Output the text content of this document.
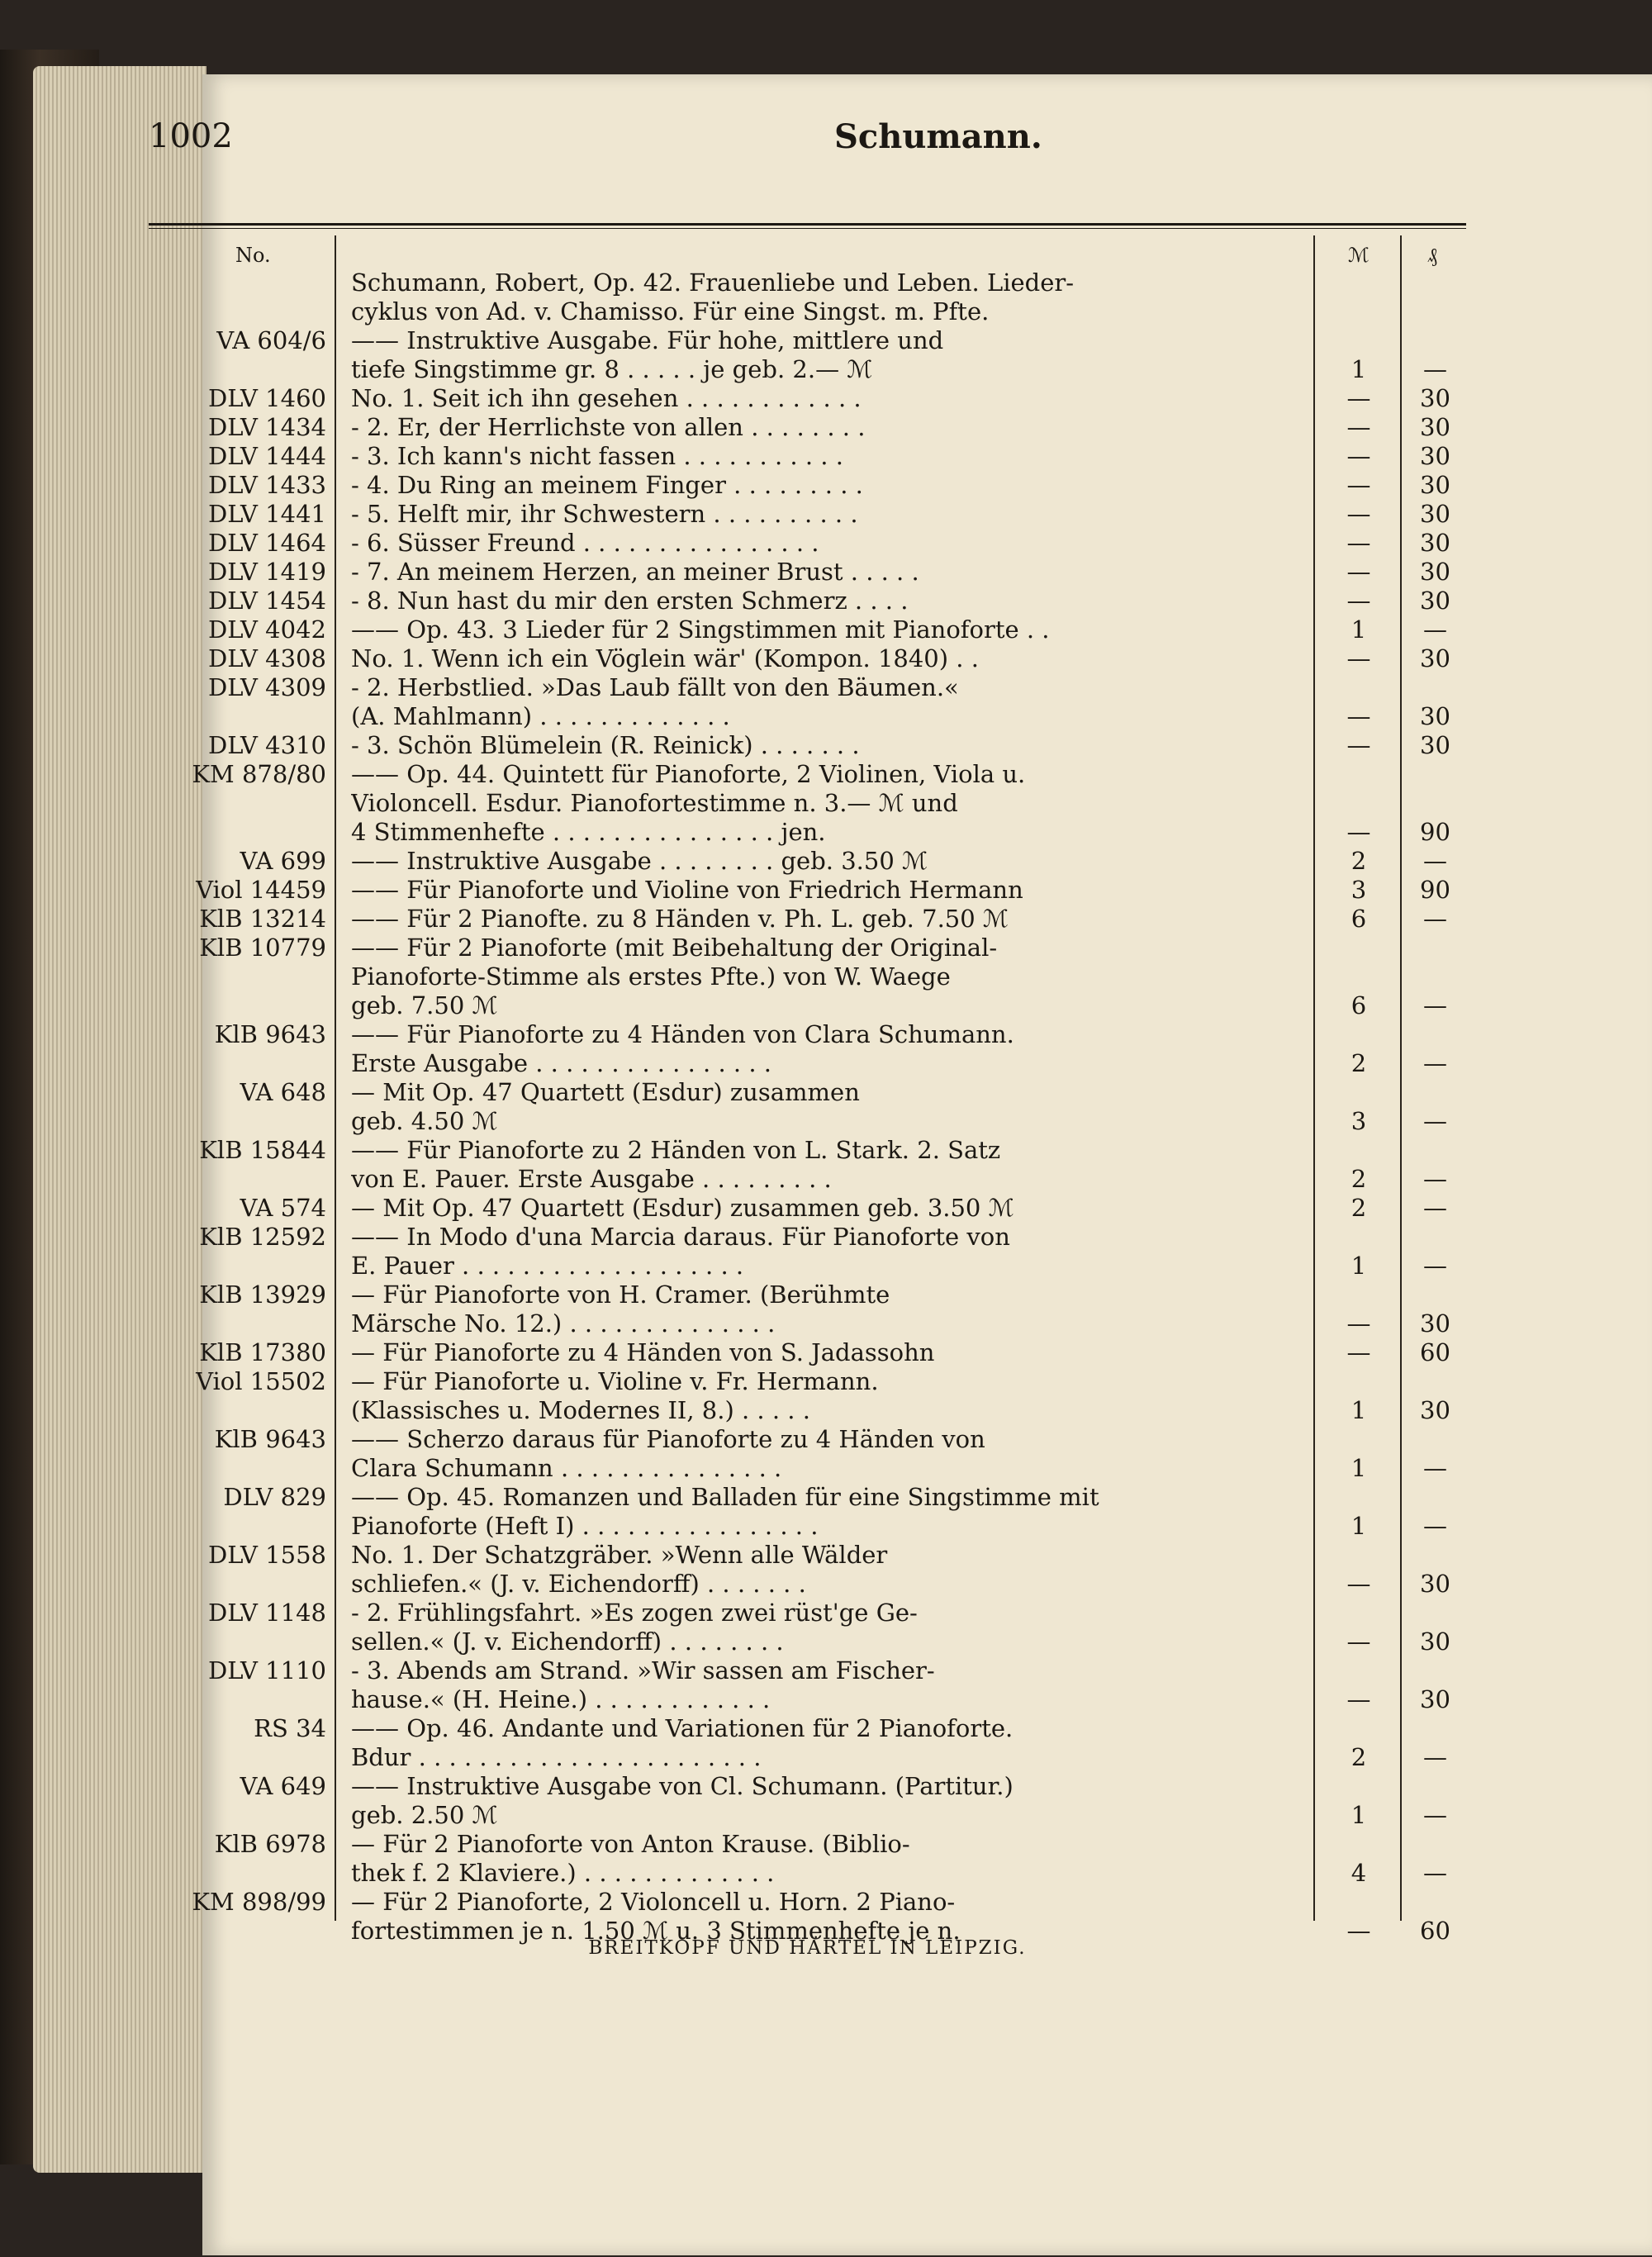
1002	Schumann.
No.	ℳ	₰
Schumann, Robert, Op. 42. Frauenliebe und Leben. Lieder-
cyklus von Ad. v. Chamisso. Für eine Singst. m. Pfte.
VA 604/6 —— Instruktive Ausgabe. Für hohe, mittlere und
tiefe Singstimme gr. 8 . . . . . je geb. 2.— ℳ	1	—
DLV 1460 No. 1. Seit ich ihn gesehen . . . . . . . . . . . .	—	30
DLV 1434 - 2. Er, der Herrlichste von allen . . . . . . . .	—	30
DLV 1444 - 3. Ich kann's nicht fassen . . . . . . . . . . .	—	30
DLV 1433 - 4. Du Ring an meinem Finger . . . . . . . . .	—	30
DLV 1441 - 5. Helft mir, ihr Schwestern . . . . . . . . . .	—	30
DLV 1464 - 6. Süsser Freund . . . . . . . . . . . . . . . .	—	30
DLV 1419 - 7. An meinem Herzen, an meiner Brust . . . . .	—	30
DLV 1454 - 8. Nun hast du mir den ersten Schmerz . . . .	—	30
DLV 4042 —— Op. 43. 3 Lieder für 2 Singstimmen mit Pianoforte . .	1	—
DLV 4308 No. 1. Wenn ich ein Vöglein wär' (Kompon. 1840) . .	—	30
DLV 4309 - 2. Herbstlied. »Das Laub fällt von den Bäumen.«
(A. Mahlmann) . . . . . . . . . . . . .	—	30
DLV 4310 - 3. Schön Blümelein (R. Reinick) . . . . . . .	—	30
KM 878/80 —— Op. 44. Quintett für Pianoforte, 2 Violinen, Viola u.
Violoncell. Esdur. Pianofortestimme n. 3.— ℳ und
4 Stimmenhefte . . . . . . . . . . . . . . . jen.	—	90
VA 699 —— Instruktive Ausgabe . . . . . . . . geb. 3.50 ℳ	2	—
Viol 14459 —— Für Pianoforte und Violine von Friedrich Hermann	3	90
KlB 13214 —— Für 2 Pianofte. zu 8 Händen v. Ph. L. geb. 7.50 ℳ	6	—
KlB 10779 —— Für 2 Pianoforte (mit Beibehaltung der Original-
Pianoforte-Stimme als erstes Pfte.) von W. Waege
geb. 7.50 ℳ	6	—
KlB 9643 —— Für Pianoforte zu 4 Händen von Clara Schumann.
Erste Ausgabe . . . . . . . . . . . . . . . .	2	—
VA 648 — Mit Op. 47 Quartett (Esdur) zusammen
geb. 4.50 ℳ	3	—
KlB 15844 —— Für Pianoforte zu 2 Händen von L. Stark. 2. Satz
von E. Pauer. Erste Ausgabe . . . . . . . . .	2	—
VA 574 — Mit Op. 47 Quartett (Esdur) zusammen geb. 3.50 ℳ	2	—
KlB 12592 —— In Modo d'una Marcia daraus. Für Pianoforte von
E. Pauer . . . . . . . . . . . . . . . . . . .	1	—
KlB 13929 — Für Pianoforte von H. Cramer. (Berühmte
Märsche No. 12.) . . . . . . . . . . . . . .	—	30
KlB 17380 — Für Pianoforte zu 4 Händen von S. Jadassohn	—	60
Viol 15502 — Für Pianoforte u. Violine v. Fr. Hermann.
(Klassisches u. Modernes II, 8.) . . . . .	1	30
KlB 9643 —— Scherzo daraus für Pianoforte zu 4 Händen von
Clara Schumann . . . . . . . . . . . . . . .	1	—
DLV 829 —— Op. 45. Romanzen und Balladen für eine Singstimme mit
Pianoforte (Heft I) . . . . . . . . . . . . . . . .	1	—
DLV 1558 No. 1. Der Schatzgräber. »Wenn alle Wälder
schliefen.« (J. v. Eichendorff) . . . . . . .	—	30
DLV 1148 - 2. Frühlingsfahrt. »Es zogen zwei rüst'ge Ge-
sellen.« (J. v. Eichendorff) . . . . . . . .	—	30
DLV 1110 - 3. Abends am Strand. »Wir sassen am Fischer-
hause.« (H. Heine.) . . . . . . . . . . . .	—	30
RS 34 —— Op. 46. Andante und Variationen für 2 Pianoforte.
Bdur . . . . . . . . . . . . . . . . . . . . . . .	2	—
VA 649 —— Instruktive Ausgabe von Cl. Schumann. (Partitur.)
geb. 2.50 ℳ	1	—
KlB 6978 — Für 2 Pianoforte von Anton Krause. (Biblio-
thek f. 2 Klaviere.) . . . . . . . . . . . . .	4	—
KM 898/99 — Für 2 Pianoforte, 2 Violoncell u. Horn. 2 Piano-
fortestimmen je n. 1.50 ℳ u. 3 Stimmenhefte je n.	—	60
BREITKOPF UND HÄRTEL IN LEIPZIG.
